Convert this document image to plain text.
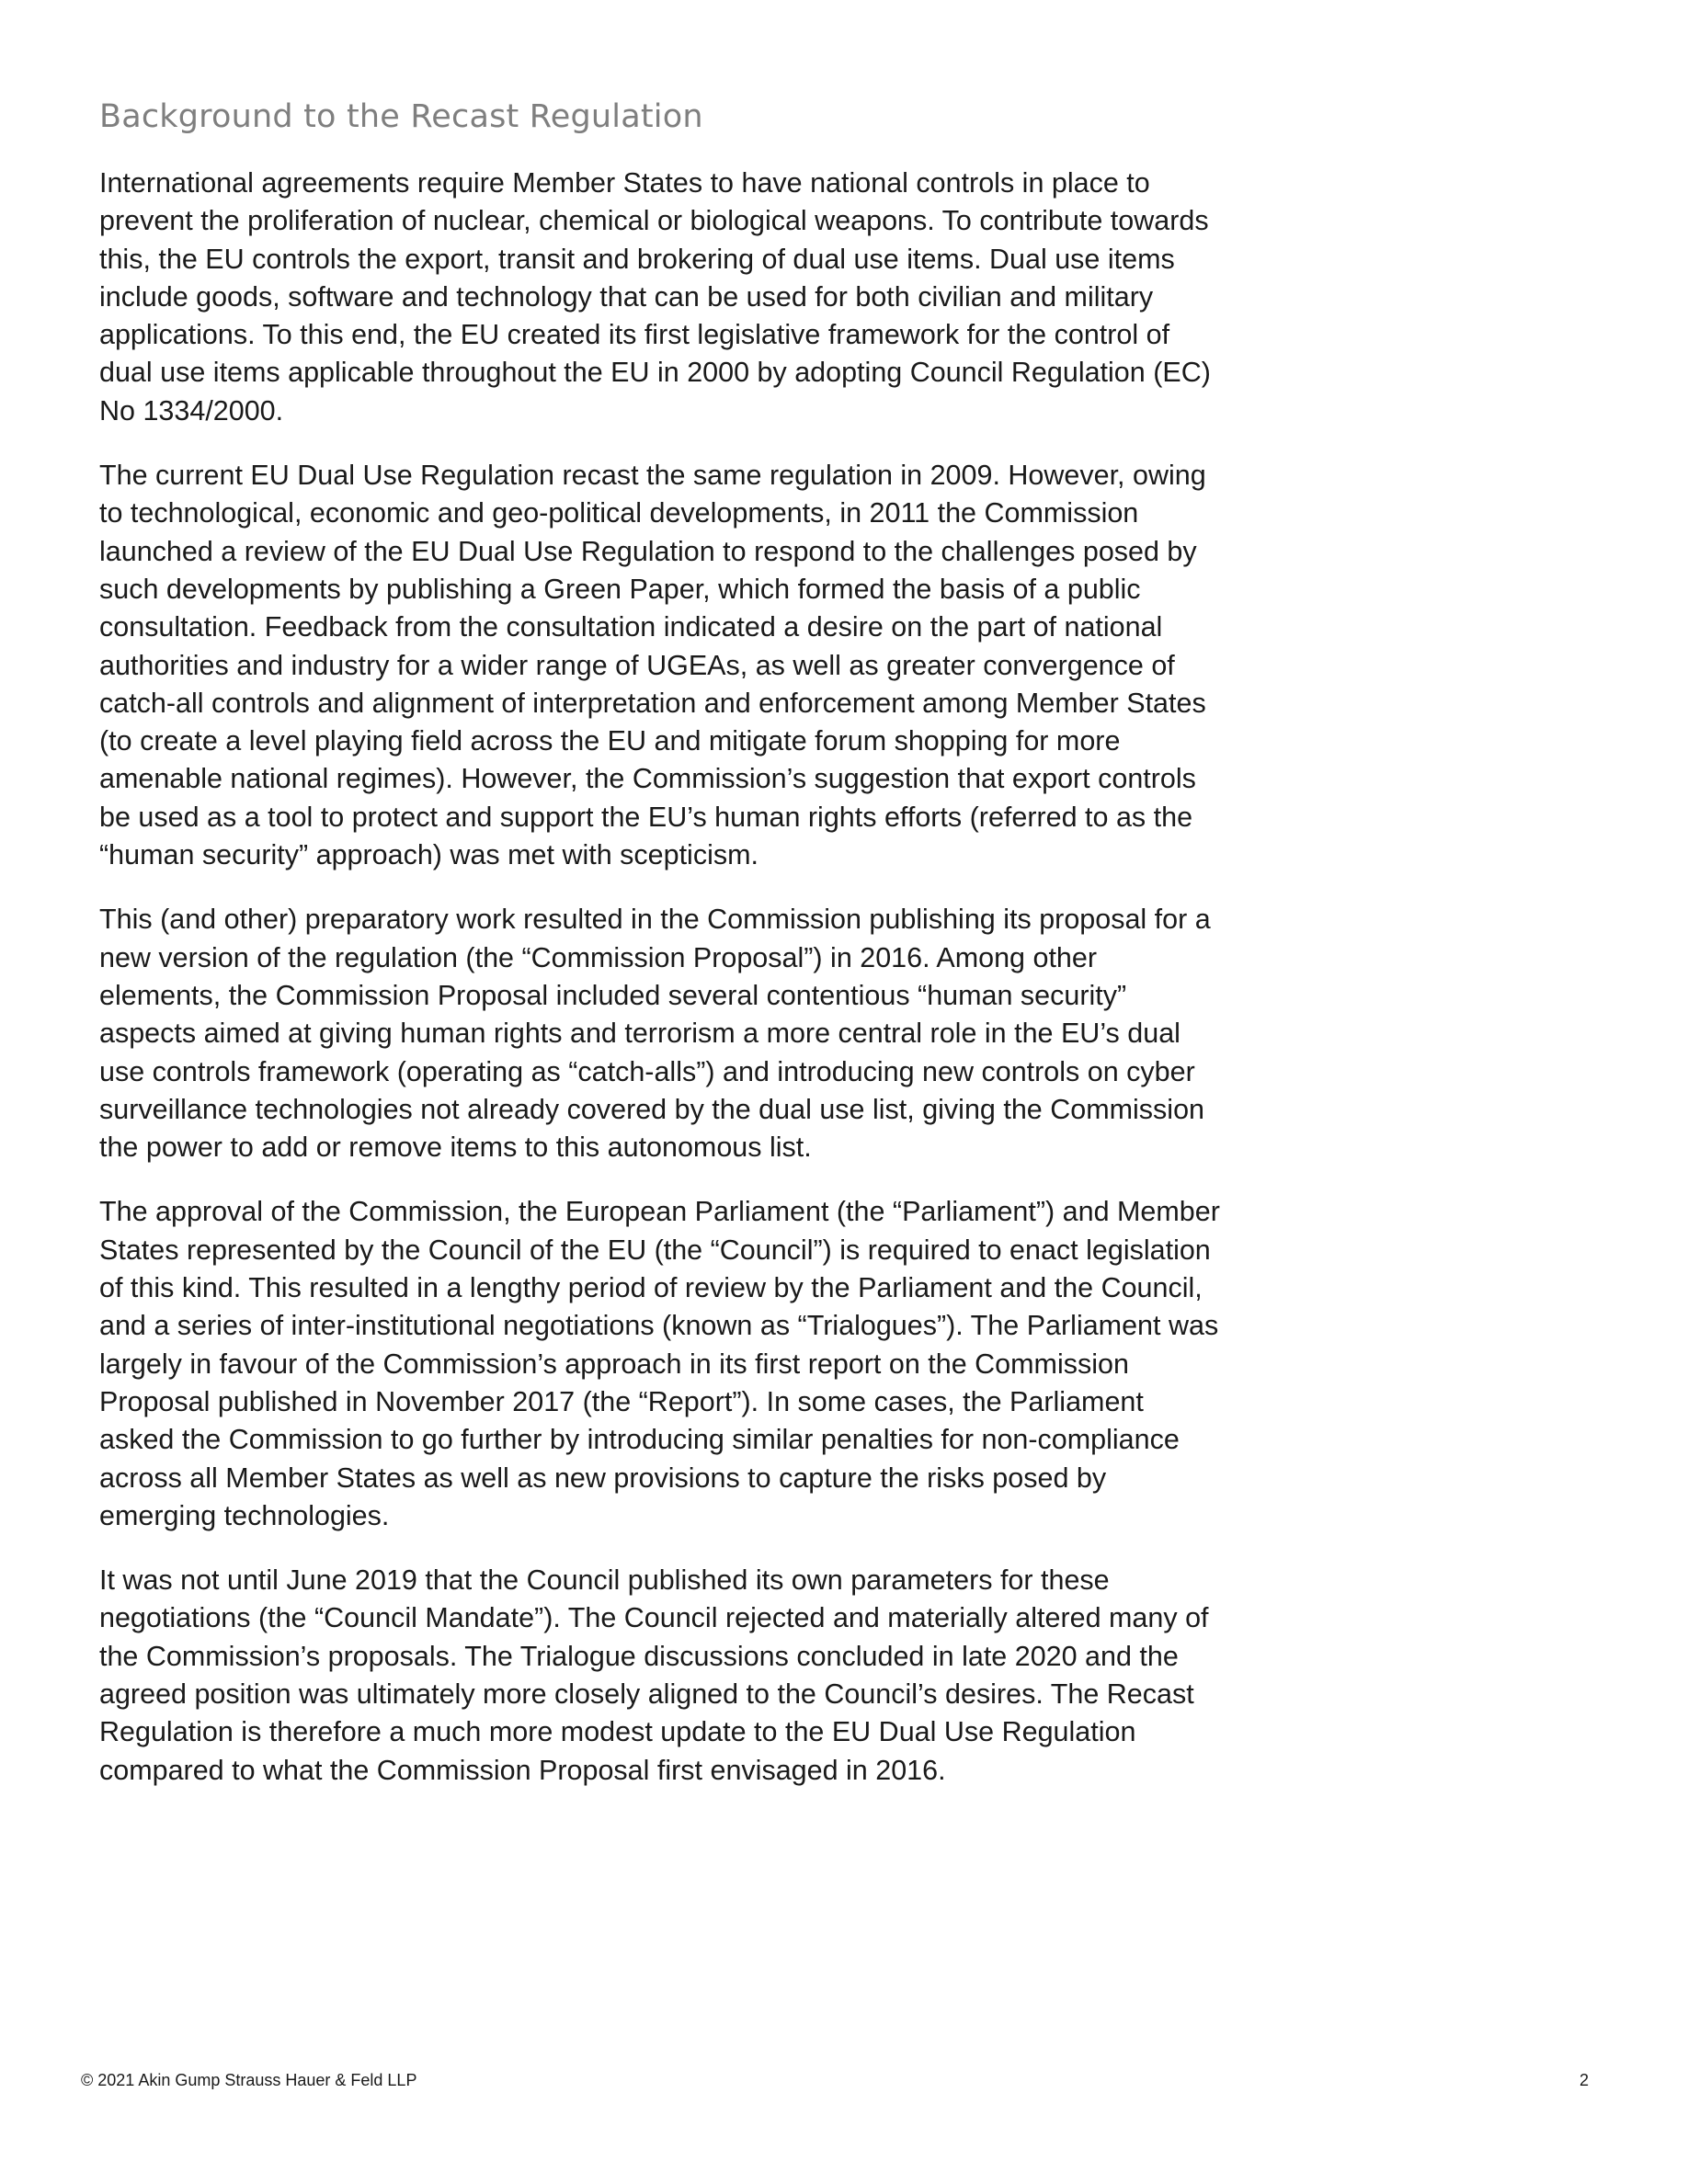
Background to the Recast Regulation

International agreements require Member States to have national controls in place to prevent the proliferation of nuclear, chemical or biological weapons. To contribute towards this, the EU controls the export, transit and brokering of dual use items. Dual use items include goods, software and technology that can be used for both civilian and military applications. To this end, the EU created its first legislative framework for the control of dual use items applicable throughout the EU in 2000 by adopting Council Regulation (EC) No 1334/2000.

The current EU Dual Use Regulation recast the same regulation in 2009. However, owing to technological, economic and geo-political developments, in 2011 the Commission launched a review of the EU Dual Use Regulation to respond to the challenges posed by such developments by publishing a Green Paper, which formed the basis of a public consultation. Feedback from the consultation indicated a desire on the part of national authorities and industry for a wider range of UGEAs, as well as greater convergence of catch-all controls and alignment of interpretation and enforcement among Member States (to create a level playing field across the EU and mitigate forum shopping for more amenable national regimes). However, the Commission’s suggestion that export controls be used as a tool to protect and support the EU’s human rights efforts (referred to as the “human security” approach) was met with scepticism.

This (and other) preparatory work resulted in the Commission publishing its proposal for a new version of the regulation (the “Commission Proposal”) in 2016. Among other elements, the Commission Proposal included several contentious “human security” aspects aimed at giving human rights and terrorism a more central role in the EU’s dual use controls framework (operating as “catch-alls”) and introducing new controls on cyber surveillance technologies not already covered by the dual use list, giving the Commission the power to add or remove items to this autonomous list.

The approval of the Commission, the European Parliament (the “Parliament”) and Member States represented by the Council of the EU (the “Council”) is required to enact legislation of this kind. This resulted in a lengthy period of review by the Parliament and the Council, and a series of inter-institutional negotiations (known as “Trialogues”). The Parliament was largely in favour of the Commission’s approach in its first report on the Commission Proposal published in November 2017 (the “Report”). In some cases, the Parliament asked the Commission to go further by introducing similar penalties for non-compliance across all Member States as well as new provisions to capture the risks posed by emerging technologies.

It was not until June 2019 that the Council published its own parameters for these negotiations (the “Council Mandate”). The Council rejected and materially altered many of the Commission’s proposals. The Trialogue discussions concluded in late 2020 and the agreed position was ultimately more closely aligned to the Council’s desires. The Recast Regulation is therefore a much more modest update to the EU Dual Use Regulation compared to what the Commission Proposal first envisaged in 2016.

© 2021 Akin Gump Strauss Hauer & Feld LLP	2
